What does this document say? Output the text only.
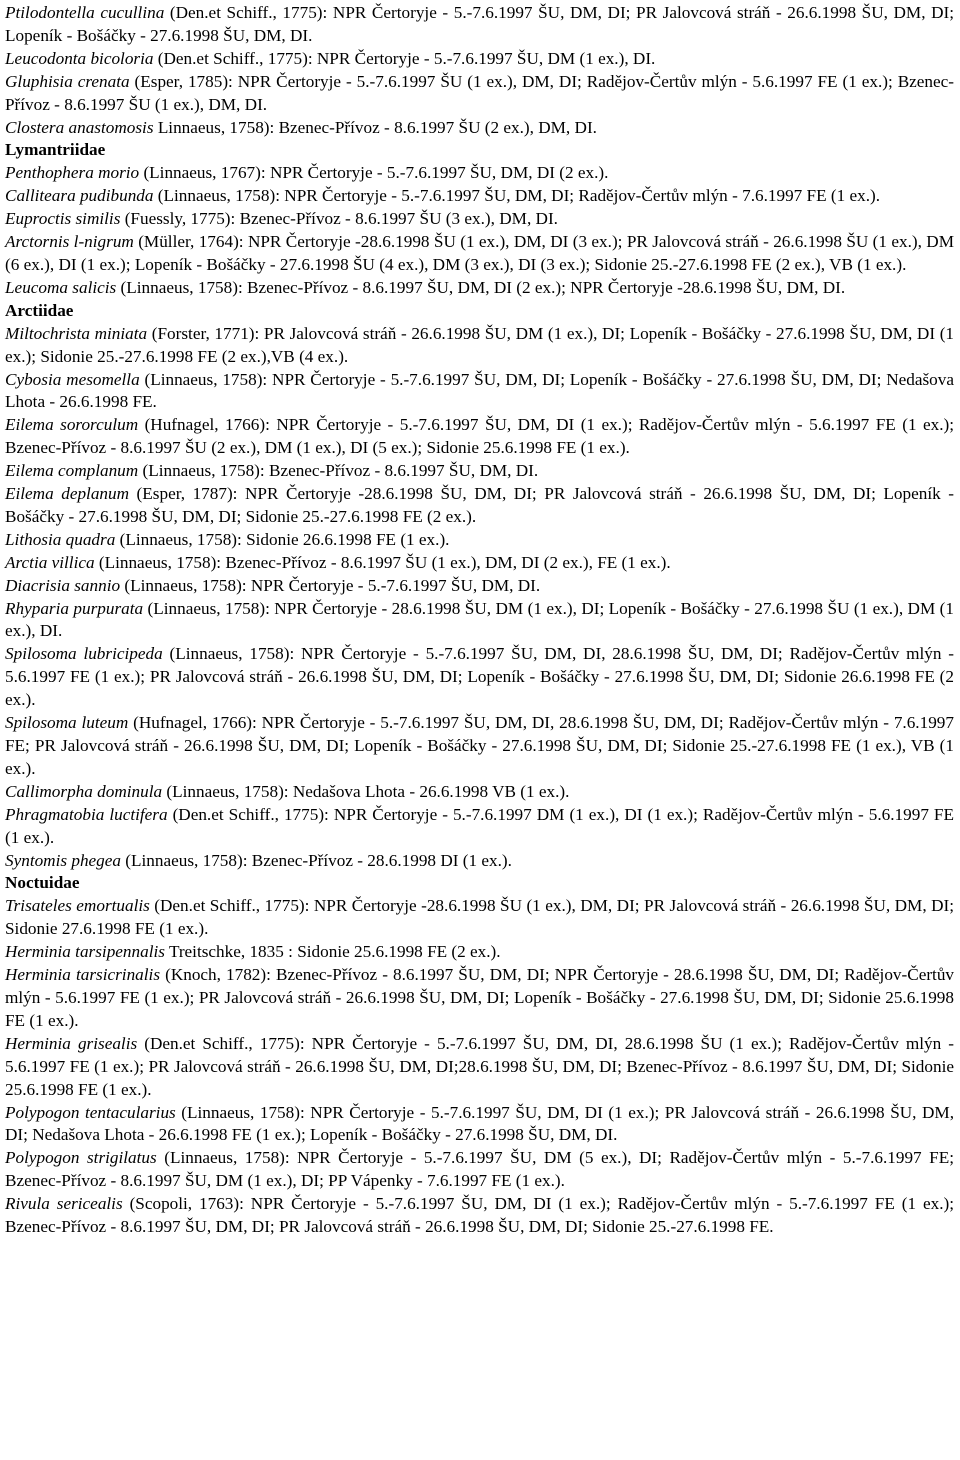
Ptilodontella cucullina (Den.et Schiff., 1775): NPR Čertoryje - 5.-7.6.1997 ŠU, DM, DI; PR Jalovcová stráň - 26.6.1998 ŠU, DM, DI; Lopeník - Bošáčky - 27.6.1998 ŠU, DM, DI.
Leucodonta bicoloria (Den.et Schiff., 1775): NPR Čertoryje - 5.-7.6.1997 ŠU, DM (1 ex.), DI.
Gluphisia crenata (Esper, 1785): NPR Čertoryje - 5.-7.6.1997 ŠU (1 ex.), DM, DI; Radějov-Čertův mlýn - 5.6.1997 FE (1 ex.); Bzenec-Přívoz - 8.6.1997 ŠU (1 ex.), DM, DI.
Clostera anastomosis Linnaeus, 1758): Bzenec-Přívoz - 8.6.1997 ŠU (2 ex.), DM, DI.
Lymantriidae
Penthophera morio (Linnaeus, 1767): NPR Čertoryje - 5.-7.6.1997 ŠU, DM, DI (2 ex.).
Calliteara pudibunda (Linnaeus, 1758): NPR Čertoryje - 5.-7.6.1997 ŠU, DM, DI; Radějov-Čertův mlýn - 7.6.1997 FE (1 ex.).
Euproctis similis (Fuessly, 1775): Bzenec-Přívoz - 8.6.1997 ŠU (3 ex.), DM, DI.
Arctornis l-nigrum (Müller, 1764): NPR Čertoryje -28.6.1998 ŠU (1 ex.), DM, DI (3 ex.); PR Jalovcová stráň - 26.6.1998 ŠU (1 ex.), DM (6 ex.), DI (1 ex.); Lopeník - Bošáčky - 27.6.1998 ŠU (4 ex.), DM (3 ex.), DI (3 ex.); Sidonie 25.-27.6.1998 FE (2 ex.), VB (1 ex.).
Leucoma salicis (Linnaeus, 1758): Bzenec-Přívoz - 8.6.1997 ŠU, DM, DI (2 ex.); NPR Čertoryje -28.6.1998 ŠU, DM, DI.
Arctiidae
Miltochrista miniata (Forster, 1771): PR Jalovcová stráň - 26.6.1998 ŠU, DM (1 ex.), DI; Lopeník - Bošáčky - 27.6.1998 ŠU, DM, DI (1 ex.); Sidonie 25.-27.6.1998 FE (2 ex.),VB (4 ex.).
Cybosia mesomella (Linnaeus, 1758): NPR Čertoryje - 5.-7.6.1997 ŠU, DM, DI; Lopeník - Bošáčky - 27.6.1998 ŠU, DM, DI; Nedašova Lhota - 26.6.1998 FE.
Eilema sororculum (Hufnagel, 1766): NPR Čertoryje - 5.-7.6.1997 ŠU, DM, DI (1 ex.); Radějov-Čertův mlýn - 5.6.1997 FE (1 ex.); Bzenec-Přívoz - 8.6.1997 ŠU (2 ex.), DM (1 ex.), DI (5 ex.); Sidonie 25.6.1998 FE (1 ex.).
Eilema complanum (Linnaeus, 1758): Bzenec-Přívoz - 8.6.1997 ŠU, DM, DI.
Eilema deplanum (Esper, 1787): NPR Čertoryje -28.6.1998 ŠU, DM, DI; PR Jalovcová stráň - 26.6.1998 ŠU, DM, DI; Lopeník - Bošáčky - 27.6.1998 ŠU, DM, DI; Sidonie 25.-27.6.1998 FE (2 ex.).
Lithosia quadra (Linnaeus, 1758): Sidonie 26.6.1998 FE (1 ex.).
Arctia villica (Linnaeus, 1758): Bzenec-Přívoz - 8.6.1997 ŠU (1 ex.), DM, DI (2 ex.), FE (1 ex.).
Diacrisia sannio (Linnaeus, 1758): NPR Čertoryje - 5.-7.6.1997 ŠU, DM, DI.
Rhyparia purpurata (Linnaeus, 1758): NPR Čertoryje - 28.6.1998 ŠU, DM (1 ex.), DI; Lopeník - Bošáčky - 27.6.1998 ŠU (1 ex.), DM (1 ex.), DI.
Spilosoma lubricipeda (Linnaeus, 1758): NPR Čertoryje - 5.-7.6.1997 ŠU, DM, DI, 28.6.1998 ŠU, DM, DI; Radějov-Čertův mlýn - 5.6.1997 FE (1 ex.); PR Jalovcová stráň - 26.6.1998 ŠU, DM, DI; Lopeník - Bošáčky - 27.6.1998 ŠU, DM, DI; Sidonie 26.6.1998 FE (2 ex.).
Spilosoma luteum (Hufnagel, 1766): NPR Čertoryje - 5.-7.6.1997 ŠU, DM, DI, 28.6.1998 ŠU, DM, DI; Radějov-Čertův mlýn - 7.6.1997 FE; PR Jalovcová stráň - 26.6.1998 ŠU, DM, DI; Lopeník - Bošáčky - 27.6.1998 ŠU, DM, DI; Sidonie 25.-27.6.1998 FE (1 ex.), VB (1 ex.).
Callimorpha dominula (Linnaeus, 1758): Nedašova Lhota - 26.6.1998 VB (1 ex.).
Phragmatobia luctifera (Den.et Schiff., 1775): NPR Čertoryje - 5.-7.6.1997 DM (1 ex.), DI (1 ex.); Radějov-Čertův mlýn - 5.6.1997 FE (1 ex.).
Syntomis phegea (Linnaeus, 1758): Bzenec-Přívoz - 28.6.1998 DI (1 ex.).
Noctuidae
Trisateles emortualis (Den.et Schiff., 1775): NPR Čertoryje -28.6.1998 ŠU (1 ex.), DM, DI; PR Jalovcová stráň - 26.6.1998 ŠU, DM, DI; Sidonie 27.6.1998 FE (1 ex.).
Herminia tarsipennalis Treitschke, 1835 : Sidonie 25.6.1998 FE (2 ex.).
Herminia tarsicrinalis (Knoch, 1782): Bzenec-Přívoz - 8.6.1997 ŠU, DM, DI; NPR Čertoryje - 28.6.1998 ŠU, DM, DI; Radějov-Čertův mlýn - 5.6.1997 FE (1 ex.); PR Jalovcová stráň - 26.6.1998 ŠU, DM, DI; Lopeník - Bošáčky - 27.6.1998 ŠU, DM, DI; Sidonie 25.6.1998 FE (1 ex.).
Herminia grisealis (Den.et Schiff., 1775): NPR Čertoryje - 5.-7.6.1997 ŠU, DM, DI, 28.6.1998 ŠU (1 ex.); Radějov-Čertův mlýn - 5.6.1997 FE (1 ex.); PR Jalovcová stráň - 26.6.1998 ŠU, DM, DI;28.6.1998 ŠU, DM, DI; Bzenec-Přívoz - 8.6.1997 ŠU, DM, DI; Sidonie 25.6.1998 FE (1 ex.).
Polypogon tentacularius (Linnaeus, 1758): NPR Čertoryje - 5.-7.6.1997 ŠU, DM, DI (1 ex.); PR Jalovcová stráň - 26.6.1998 ŠU, DM, DI; Nedašova Lhota - 26.6.1998 FE (1 ex.); Lopeník - Bošáčky - 27.6.1998 ŠU, DM, DI.
Polypogon strigilatus (Linnaeus, 1758): NPR Čertoryje - 5.-7.6.1997 ŠU, DM (5 ex.), DI; Radějov-Čertův mlýn - 5.-7.6.1997 FE; Bzenec-Přívoz - 8.6.1997 ŠU, DM (1 ex.), DI; PP Vápenky - 7.6.1997 FE (1 ex.).
Rivula sericealis (Scopoli, 1763): NPR Čertoryje - 5.-7.6.1997 ŠU, DM, DI (1 ex.); Radějov-Čertův mlýn - 5.-7.6.1997 FE (1 ex.); Bzenec-Přívoz - 8.6.1997 ŠU, DM, DI; PR Jalovcová stráň - 26.6.1998 ŠU, DM, DI; Sidonie 25.-27.6.1998 FE.
